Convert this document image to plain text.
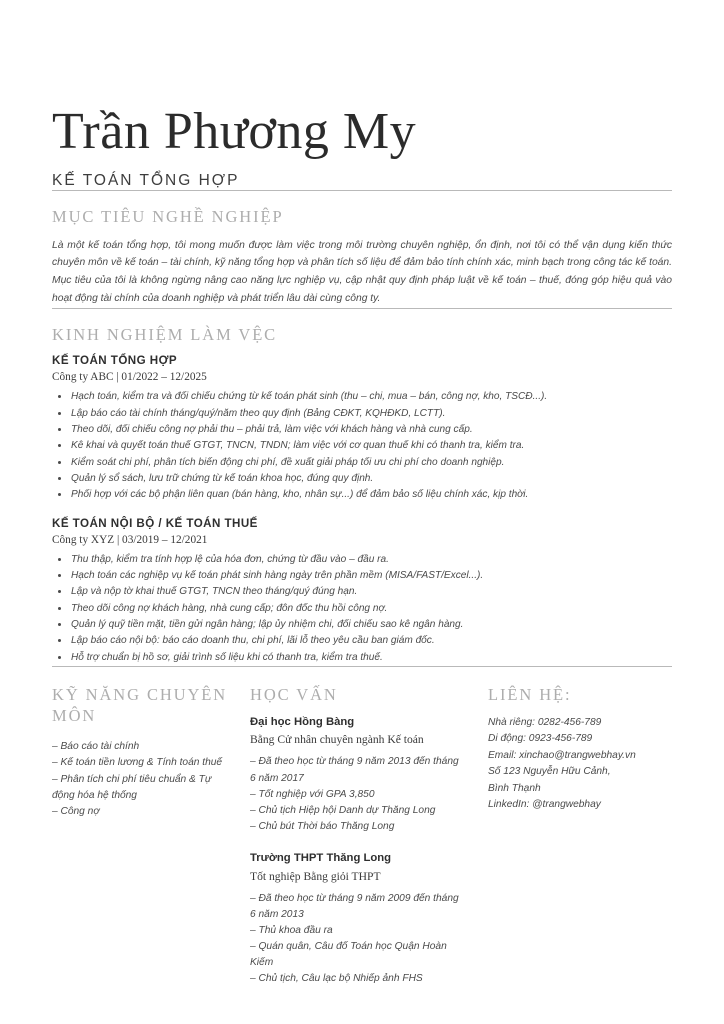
Trần Phương My
KẾ TOÁN TỔNG HỢP
MỤC TIÊU NGHỀ NGHIỆP

Là một kế toán tổng hợp, tôi mong muốn được làm việc trong môi trường chuyên nghiệp, ổn định, nơi tôi có thể vận dụng kiến thức chuyên môn về kế toán – tài chính, kỹ năng tổng hợp và phân tích số liệu để đảm bảo tính chính xác, minh bạch trong công tác kế toán. Mục tiêu của tôi là không ngừng nâng cao năng lực nghiệp vụ, cập nhật quy định pháp luật về kế toán – thuế, đóng góp hiệu quả vào hoạt động tài chính của doanh nghiệp và phát triển lâu dài cùng công ty.

KINH NGHIỆM LÀM VỆC
KẾ TOÁN TỔNG HỢP
Công ty ABC | 01/2022 – 12/2025
Hạch toán, kiểm tra và đối chiếu chứng từ kế toán phát sinh (thu – chi, mua – bán, công nợ, kho, TSCĐ...).
Lập báo cáo tài chính tháng/quý/năm theo quy định (Bảng CĐKT, KQHĐKD, LCTT).
Theo dõi, đối chiếu công nợ phải thu – phải trả, làm việc với khách hàng và nhà cung cấp.
Kê khai và quyết toán thuế GTGT, TNCN, TNDN; làm việc với cơ quan thuế khi có thanh tra, kiểm tra.
Kiểm soát chi phí, phân tích biến động chi phí, đề xuất giải pháp tối ưu chi phí cho doanh nghiệp.
Quản lý sổ sách, lưu trữ chứng từ kế toán khoa học, đúng quy định.
Phối hợp với các bộ phận liên quan (bán hàng, kho, nhân sự...) để đảm bảo số liệu chính xác, kịp thời.
KẾ TOÁN NỘI BỘ / KẾ TOÁN THUẾ
Công ty XYZ | 03/2019 – 12/2021
Thu thập, kiểm tra tính hợp lệ của hóa đơn, chứng từ đầu vào – đầu ra.
Hạch toán các nghiệp vụ kế toán phát sinh hàng ngày trên phần mềm (MISA/FAST/Excel...).
Lập và nộp tờ khai thuế GTGT, TNCN theo tháng/quý đúng hạn.
Theo dõi công nợ khách hàng, nhà cung cấp; đôn đốc thu hồi công nợ.
Quản lý quỹ tiền mặt, tiền gửi ngân hàng; lập ủy nhiệm chi, đối chiếu sao kê ngân hàng.
Lập báo cáo nội bộ: báo cáo doanh thu, chi phí, lãi lỗ theo yêu cầu ban giám đốc.
Hỗ trợ chuẩn bị hồ sơ, giải trình số liệu khi có thanh tra, kiểm tra thuế.
KỸ NĂNG CHUYÊN MÔN
– Báo cáo tài chính
– Kế toán tiền lương & Tính toán thuế
– Phân tích chi phí tiêu chuẩn & Tự động hóa hệ thống
– Công nợ
HỌC VẤN
Đại học Hồng Bàng
Bằng Cử nhân chuyên ngành Kế toán
– Đã theo học từ tháng 9 năm 2013 đến tháng 6 năm 2017
– Tốt nghiệp với GPA 3,850
– Chủ tịch Hiệp hội Danh dự Thăng Long
– Chủ bút Thời báo Thăng Long
Trường THPT Thăng Long
Tốt nghiệp Bằng giỏi THPT
– Đã theo học từ tháng 9 năm 2009 đến tháng 6 năm 2013
– Thủ khoa đầu ra
– Quán quân, Câu đố Toán học Quận Hoàn Kiếm
– Chủ tịch, Câu lạc bộ Nhiếp ảnh FHS
LIÊN HỆ:
Nhà riêng: 0282-456-789
Di động: 0923-456-789
Email: xinchao@trangwebhay.vn
Số 123 Nguyễn Hữu Cảnh,
Bình Thạnh
LinkedIn: @trangwebhay
